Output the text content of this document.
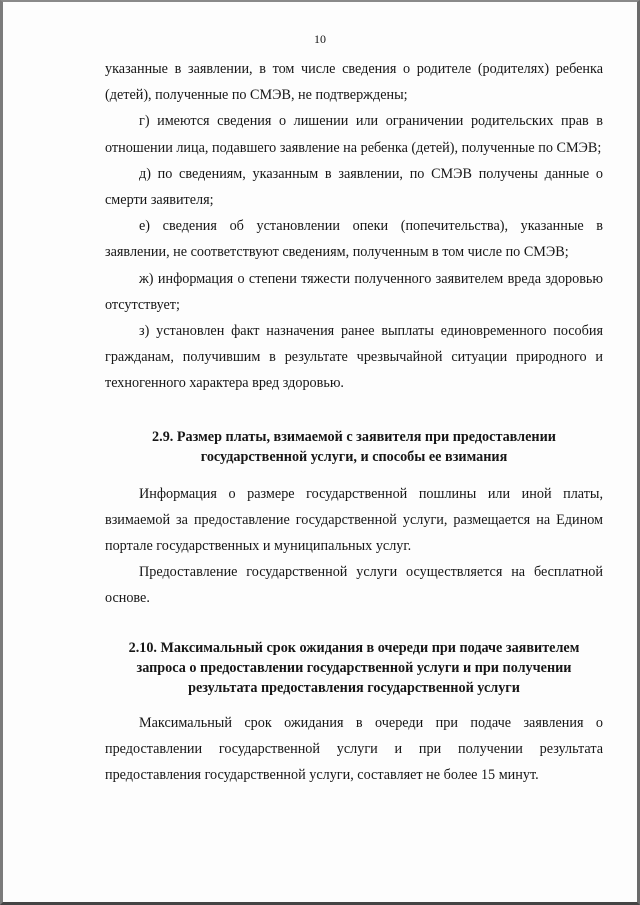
10

указанные в заявлении, в том числе сведения о родителе (родителях) ребенка (детей), полученные по СМЭВ, не подтверждены;

г) имеются сведения о лишении или ограничении родительских прав в отношении лица, подавшего заявление на ребенка (детей), полученные по СМЭВ;

д) по сведениям, указанным в заявлении, по СМЭВ получены данные о смерти заявителя;

е) сведения об установлении опеки (попечительства), указанные в заявлении, не соответствуют сведениям, полученным в том числе по СМЭВ;

ж) информация о степени тяжести полученного заявителем вреда здоровью отсутствует;

з) установлен факт назначения ранее выплаты единовременного пособия гражданам, получившим в результате чрезвычайной ситуации природного и техногенного характера вред здоровью.

2.9. Размер платы, взимаемой с заявителя при предоставлении государственной услуги, и способы ее взимания

Информация о размере государственной пошлины или иной платы, взимаемой за предоставление государственной услуги, размещается на Едином портале государственных и муниципальных услуг.

Предоставление государственной услуги осуществляется на бесплатной основе.

2.10. Максимальный срок ожидания в очереди при подаче заявителем запроса о предоставлении государственной услуги и при получении результата предоставления государственной услуги

Максимальный срок ожидания в очереди при подаче заявления о предоставлении государственной услуги и при получении результата предоставления государственной услуги, составляет не более 15 минут.
